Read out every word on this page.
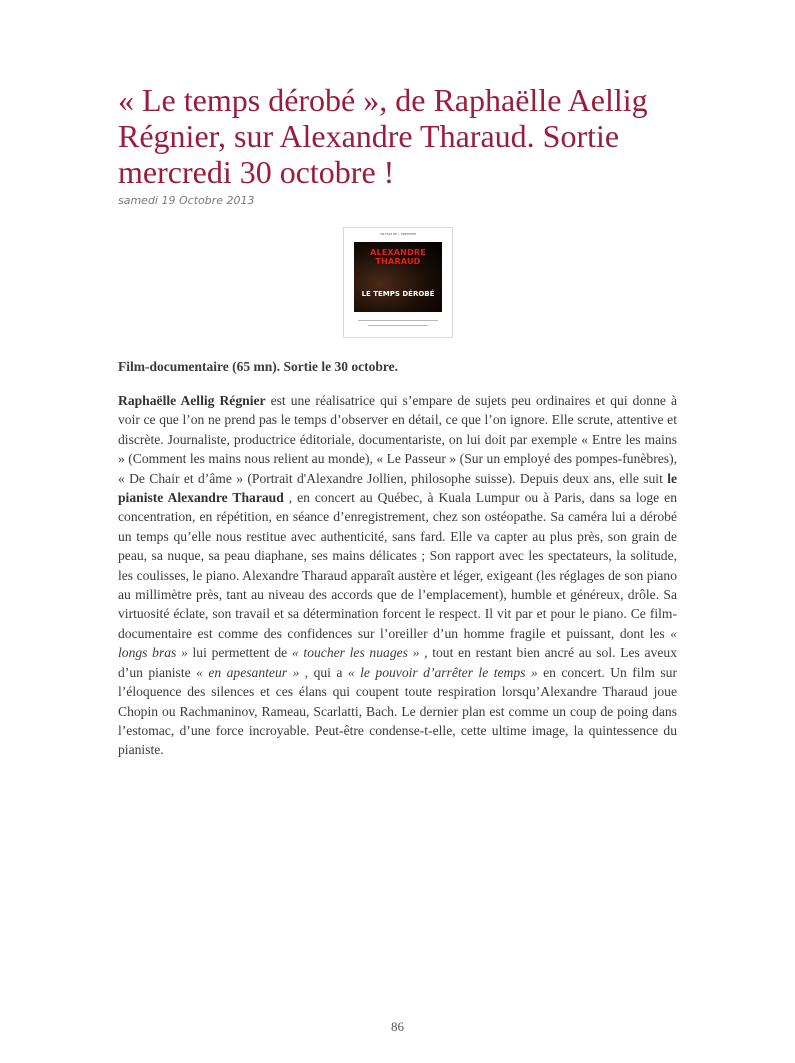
« Le temps dérobé », de Raphaëlle Aellig Régnier, sur Alexandre Tharaud. Sortie mercredi 30 octobre !
samedi 19 Octobre 2013
UN FILM DE • PRÉSENTE
ALEXANDRE THARAUD
LE TEMPS DÉROBÉ

Film-documentaire (65 mn). Sortie le 30 octobre.

Raphaëlle Aellig Régnier est une réalisatrice qui s’empare de sujets peu ordinaires et qui donne à voir ce que l’on ne prend pas le temps d’observer en détail, ce que l’on ignore. Elle scrute, attentive et discrète. Journaliste, productrice éditoriale, documentariste, on lui doit par exemple « Entre les mains » (Comment les mains nous relient au monde), « Le Passeur » (Sur un employé des pompes-funèbres), « De Chair et d’âme » (Portrait d'Alexandre Jollien, philosophe suisse). Depuis deux ans, elle suit le pianiste Alexandre Tharaud , en concert au Québec, à Kuala Lumpur ou à Paris, dans sa loge en concentration, en répétition, en séance d’enregistrement, chez son ostéopathe. Sa caméra lui a dérobé un temps qu’elle nous restitue avec authenticité, sans fard. Elle va capter au plus près, son grain de peau, sa nuque, sa peau diaphane, ses mains délicates ; Son rapport avec les spectateurs, la solitude, les coulisses, le piano. Alexandre Tharaud apparaît austère et léger, exigeant (les réglages de son piano au millimètre près, tant au niveau des accords que de l’emplacement), humble et généreux, drôle. Sa virtuosité éclate, son travail et sa détermination forcent le respect. Il vit par et pour le piano. Ce film-documentaire est comme des confidences sur l’oreiller d’un homme fragile et puissant, dont les « longs bras » lui permettent de « toucher les nuages » , tout en restant bien ancré au sol. Les aveux d’un pianiste « en apesanteur » , qui a « le pouvoir d’arrêter le temps » en concert. Un film sur l’éloquence des silences et ces élans qui coupent toute respiration lorsqu’Alexandre Tharaud joue Chopin ou Rachmaninov, Rameau, Scarlatti, Bach. Le dernier plan est comme un coup de poing dans l’estomac, d’une force incroyable. Peut-être condense-t-elle, cette ultime image, la quintessence du pianiste.

86
